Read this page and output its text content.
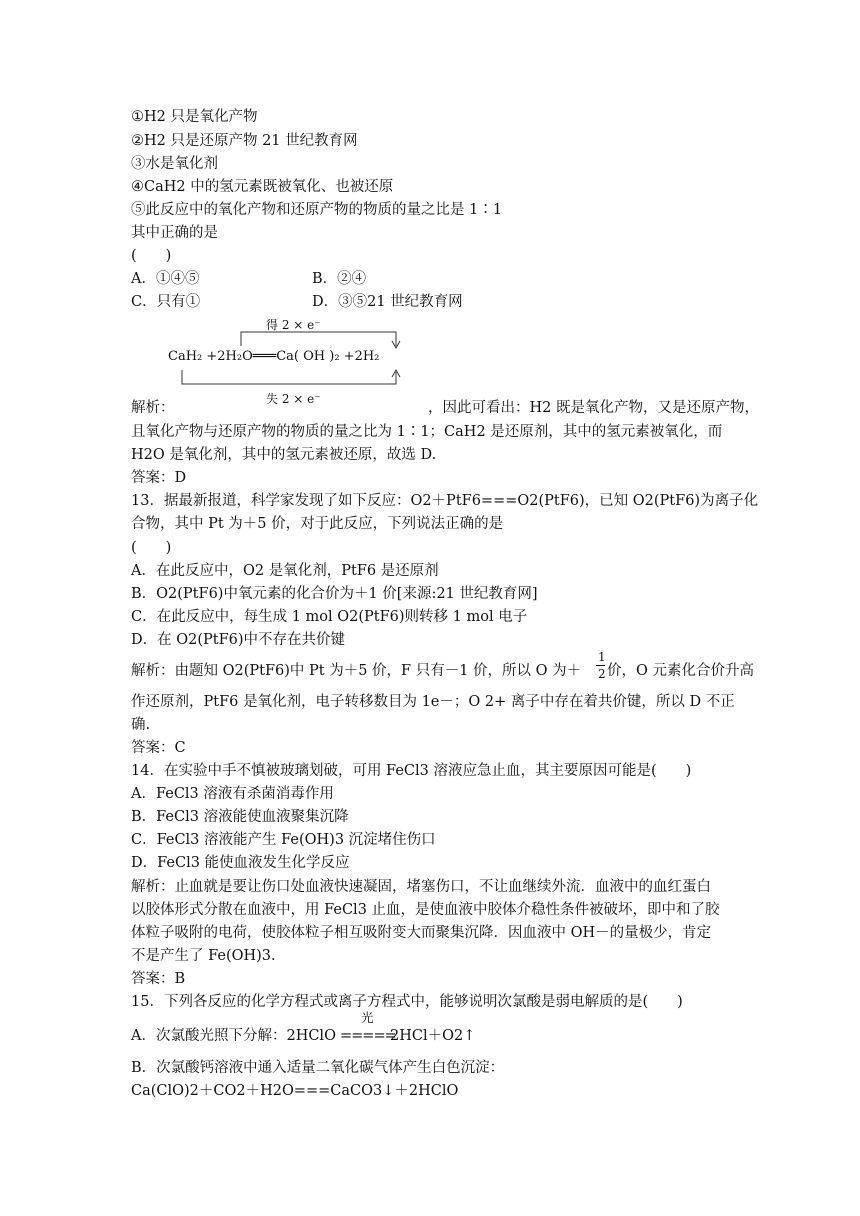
①H2 只是氧化产物
②H2 只是还原产物 21 世纪教育网
③水是氧化剂
④CaH2 中的氢元素既被氧化、也被还原
⑤此反应中的氧化产物和还原产物的物质的量之比是 1∶1
其中正确的是
(　　)
A．①④⑤	B．②④
C．只有①	D．③⑤21 世纪教育网
得 2 × e⁻
CaH₂ +2H₂O═══Ca( OH )₂ +2H₂
失 2 × e⁻
解析：	，因此可看出：H2 既是氧化产物，又是还原产物，
且氧化产物与还原产物的物质的量之比为 1∶1；CaH2 是还原剂，其中的氢元素被氧化，而
H2O 是氧化剂，其中的氢元素被还原，故选 D.
答案：D
13．据最新报道，科学家发现了如下反应：O2＋PtF6===O2(PtF6)，已知 O2(PtF6)为离子化
合物，其中 Pt 为＋5 价，对于此反应，下列说法正确的是
(　　)
A．在此反应中，O2 是氧化剂，PtF6 是还原剂
B．O2(PtF6)中氧元素的化合价为＋1 价[来源:21 世纪教育网]
C．在此反应中，每生成 1 mol O2(PtF6)则转移 1 mol 电子
D．在 O2(PtF6)中不存在共价键
解析：由题知 O2(PtF6)中 Pt 为＋5 价，F 只有－1 价，所以 O 为＋
1
2 价，O 元素化合价升高
作还原剂，PtF6 是氧化剂，电子转移数目为 1e－；O 2+ 离子中存在着共价键，所以 D 不正
确.
答案：C
14．在实验中手不慎被玻璃划破，可用 FeCl3 溶液应急止血，其主要原因可能是(　　)
A．FeCl3 溶液有杀菌消毒作用
B．FeCl3 溶液能使血液聚集沉降
C．FeCl3 溶液能产生 Fe(OH)3 沉淀堵住伤口
D．FeCl3 能使血液发生化学反应
解析：止血就是要让伤口处血液快速凝固，堵塞伤口，不让血继续外流．血液中的血红蛋白
以胶体形式分散在血液中，用 FeCl3 止血，是使血液中胶体介稳性条件被破坏，即中和了胶
体粒子吸附的电荷，使胶体粒子相互吸附变大而聚集沉降．因血液中 OH－的量极少，肯定
不是产生了 Fe(OH)3.
答案：B
15．下列各反应的化学方程式或离子方程式中，能够说明次氯酸是弱电解质的是(　　)
A．次氯酸光照下分解：2HClO
光
=====
2HCl＋O2↑
B．次氯酸钙溶液中通入适量二氧化碳气体产生白色沉淀：
Ca(ClO)2＋CO2＋H2O===CaCO3↓＋2HClO
